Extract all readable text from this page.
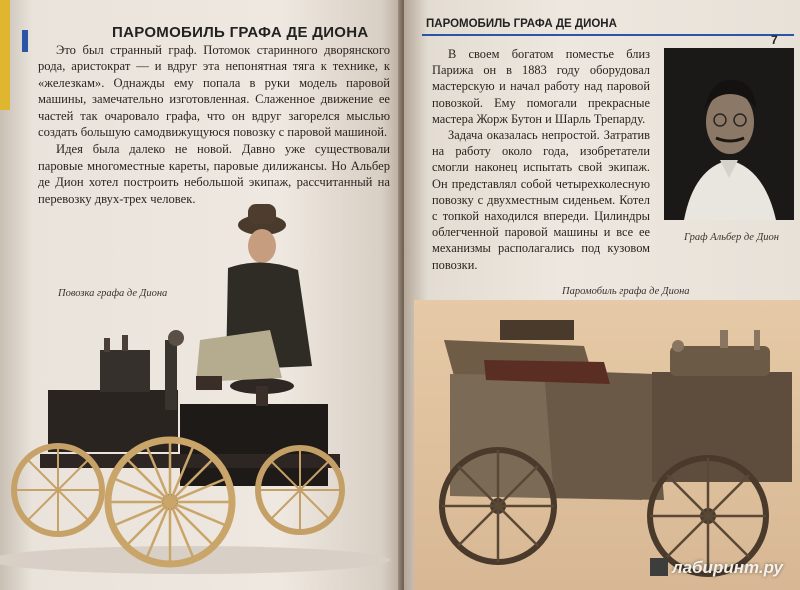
ПАРОМОБИЛЬ ГРАФА ДЕ ДИОНА

Это был странный граф. Потомок старинного дворянского рода, аристократ — и вдруг эта непонятная тяга к технике, к «железкам». Однажды ему попала в руки модель паровой машины, замечательно изготовленная. Слаженное движение ее частей так очаровало графа, что он вдруг загорелся мыслью создать большую самодвижущуюся повозку с паровой машиной.

Идея была далеко не новой. Давно уже существовали паровые многоместные кареты, паровые дилижансы. Но Альбер де Дион хотел построить небольшой экипаж, рассчитанный на перевозку двух-трех человек.

Повозка графа де Диона
ПАРОМОБИЛЬ ГРАФА ДЕ ДИОНА
7

В своем богатом поместье близ Парижа он в 1883 году оборудовал мастерскую и начал работу над паровой повозкой. Ему помогали прекрасные мастера Жорж Бутон и Шарль Трепарду.

Задача оказалась непростой. Затратив на работу около года, изобретатели смогли наконец испытать свой экипаж. Он представлял собой четырехколесную повозку с двухместным сиденьем. Котел с топкой находился впереди. Цилиндры облегченной паровой машины и все ее механизмы располагались под кузовом повозки.

Граф Альбер де Дион
Паромобиль графа де Диона
лабиринт.ру
